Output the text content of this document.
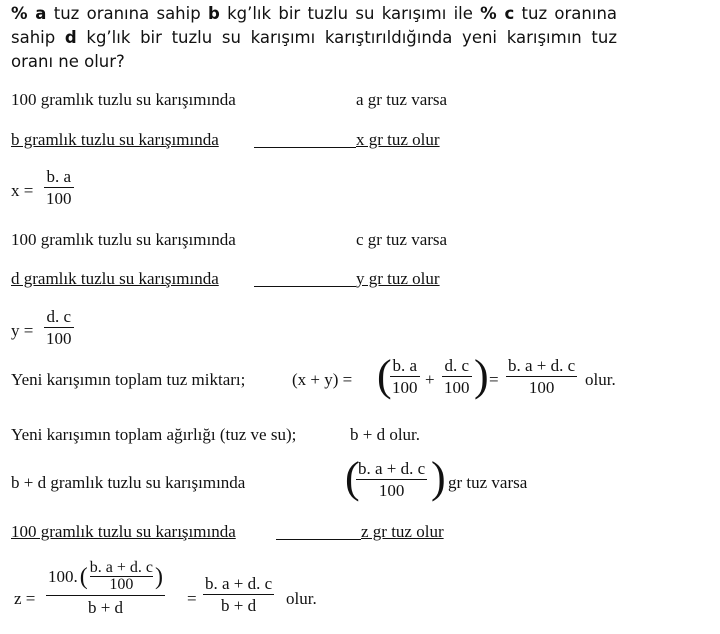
% a tuz oranına sahip b kg’lık bir tuzlu su karışımı ile % c tuz oranına sahip d kg’lık bir tuzlu su karışımı karıştırıldığında yeni karışımın tuz oranı ne olur?
100 gramlık tuzlu su karışımında	a gr tuz varsa
b gramlık tuzlu su karışımında	x gr tuz olur
x =
b. a
100
100 gramlık tuzlu su karışımında	c gr tuz varsa
d gramlık tuzlu su karışımında	y gr tuz olur
y =
d. c
100
Yeni karışımın toplam tuz miktarı;	(x + y) = ( b. a
100 +
d. c
100 ) =
b. a + d. c
100 olur.
Yeni karışımın toplam ağırlığı (tuz ve su);	b + d olur.
b + d gramlık tuzlu su karışımında (
b. a + d. c
100 ) gr tuz varsa
100 gramlık tuzlu su karışımında	z gr tuz olur
z =
100. ( b. a + d. c
100 )
b + d	=
b. a + d. c
b + d olur.
